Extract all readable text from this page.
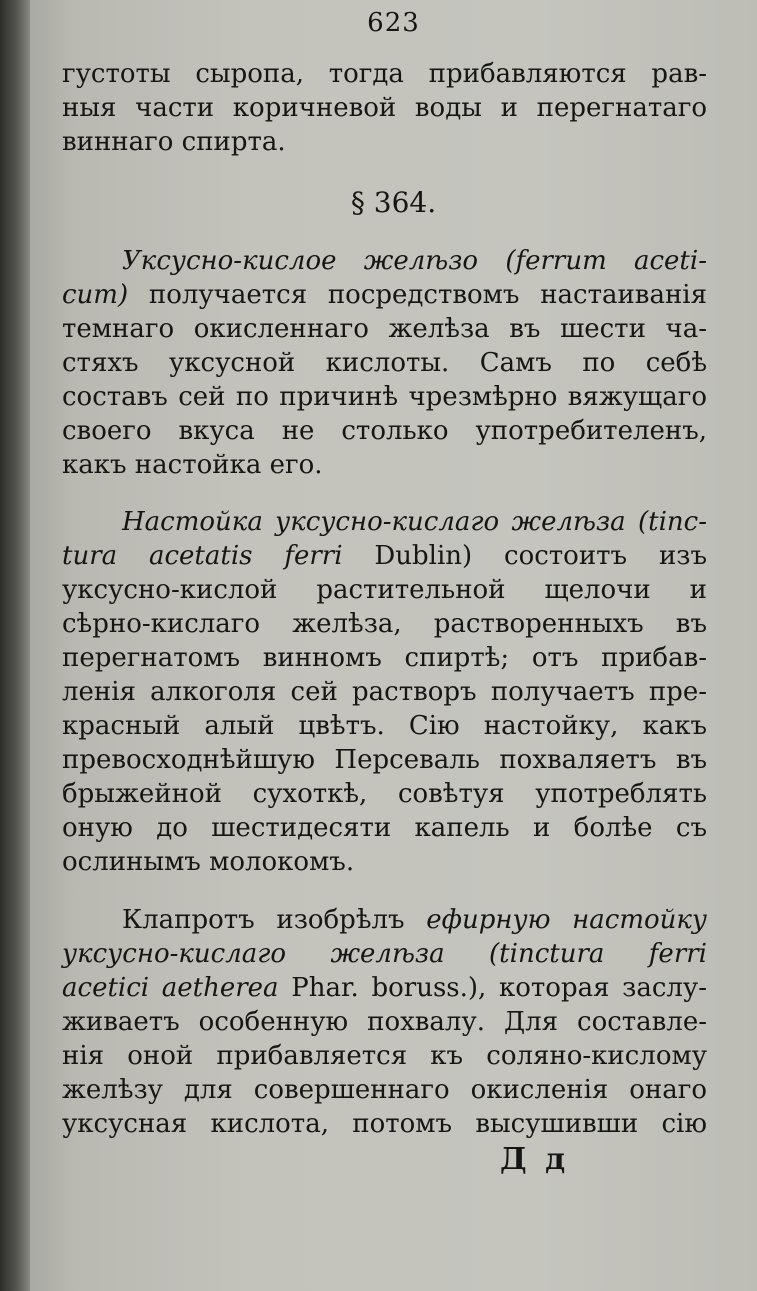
623
густоты сыропа, тогда прибавляются рав-
ныя части коричневой воды и перегнатаго
виннаго спирта.
§ 364.
Уксусно-кислое желѣзо (ferrum aceti-
cum) получается посредствомъ настаиванія
темнаго окисленнаго желѣза въ шести ча-
стяхъ уксусной кислоты. Самъ по себѣ
составъ сей по причинѣ чрезмѣрно вяжущаго
своего вкуса не столько употребителенъ,
какъ настойка его.
Настойка уксусно-кислаго желѣза (tinc-
tura acetatis ferri Dublin) состоитъ изъ
уксусно-кислой растительной щелочи и
сѣрно-кислаго желѣза, растворенныхъ въ
перегнатомъ винномъ спиртѣ; отъ прибав-
ленія алкоголя сей растворъ получаетъ пре-
красный алый цвѣтъ. Сію настойку, какъ
превосходнѣйшую Персеваль похваляетъ въ
брыжейной сухоткѣ, совѣтуя употреблять
оную до шестидесяти капель и болѣе съ
ослинымъ молокомъ.
Клапротъ изобрѣлъ ефирную настойку
уксусно-кислаго желѣза (tinctura ferri
acetici aetherea Phar. boruss.), которая заслу-
живаетъ особенную похвалу. Для составле-
нія оной прибавляется къ соляно-кислому
желѣзу для совершеннаго окисленія онаго
уксусная кислота, потомъ высушивши сію
Д д
